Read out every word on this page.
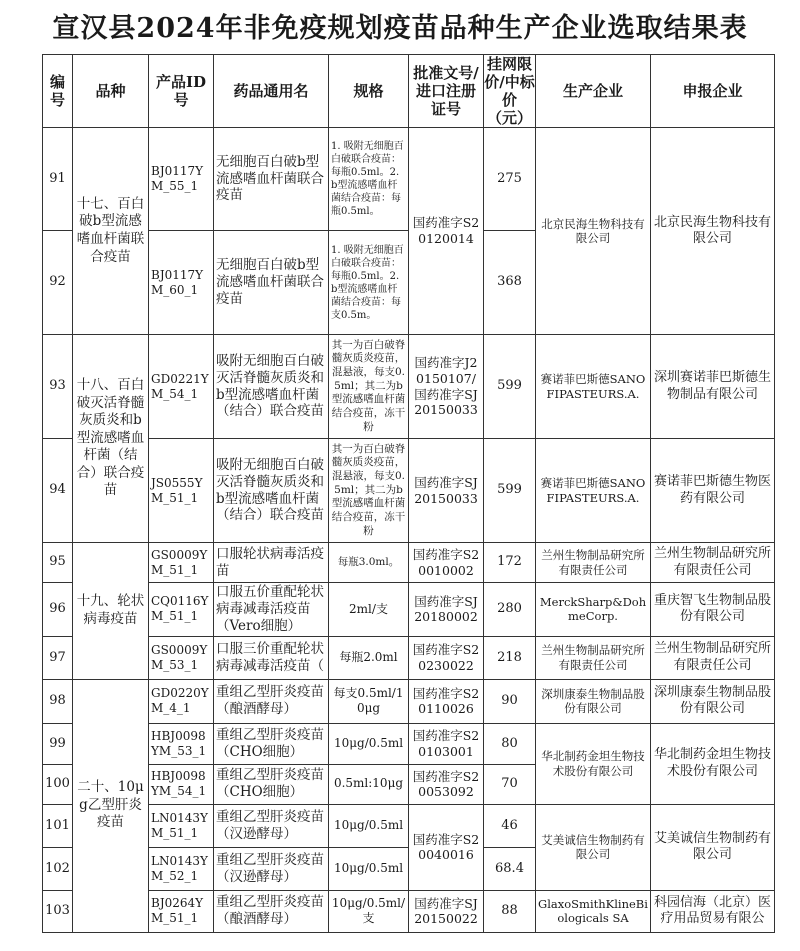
宣汉县2024年非免疫规划疫苗品种生产企业选取结果表
编号	品种	产品ID号	药品通用名	规格	批准文号/进口注册证号	挂网限价/中标价（元）	生产企业	申报企业
91	十七、百白破b型流感嗜血杆菌联合疫苗	BJ0117YM_55_1	无细胞百白破b型流感嗜血杆菌联合疫苗	1. 吸附无细胞百白破联合疫苗：每瓶0.5ml。2. b型流感嗜血杆菌结合疫苗：每瓶0.5ml。	国药准字S20120014	275	北京民海生物科技有限公司	北京民海生物科技有限公司
92		BJ0117YM_60_1	无细胞百白破b型流感嗜血杆菌联合疫苗	1. 吸附无细胞百白破联合疫苗：每瓶0.5ml。2. b型流感嗜血杆菌结合疫苗：每支0.5m。		368		
93	十八、百白破灭活脊髓灰质炎和b型流感嗜血杆菌（结合）联合疫苗	GD0221YM_54_1	吸附无细胞百白破灭活脊髓灰质炎和b型流感嗜血杆菌（结合）联合疫苗	其一为百白破脊髓灰质炎疫苗，混悬液，每支0.5ml；其二为b型流感嗜血杆菌结合疫苗，冻干粉	国药准字J20150107/国药准字SJ20150033	599	赛诺菲巴斯德SANOFIPASTEURS.A.	深圳赛诺菲巴斯德生物制品有限公司
94		JS0555YM_51_1	吸附无细胞百白破灭活脊髓灰质炎和b型流感嗜血杆菌（结合）联合疫苗	其一为百白破脊髓灰质炎疫苗，混悬液，每支0.5ml；其二为b型流感嗜血杆菌结合疫苗，冻干粉	国药准字SJ20150033	599	赛诺菲巴斯德SANOFIPASTEURS.A.	赛诺菲巴斯德生物医药有限公司
95	十九、轮状病毒疫苗	GS0009YM_51_1	口服轮状病毒活疫苗	每瓶3.0ml。	国药准字S20010002	172	兰州生物制品研究所有限责任公司	兰州生物制品研究所有限责任公司
96		CQ0116YM_51_1	口服五价重配轮状病毒减毒活疫苗（Vero细胞）	2ml/支	国药准字SJ20180002	280	MerckSharp&DohmeCorp.	重庆智飞生物制品股份有限公司
97		GS0009YM_53_1	口服三价重配轮状病毒减毒活疫苗（	每瓶2.0ml	国药准字S20230022	218	兰州生物制品研究所有限责任公司	兰州生物制品研究所有限责任公司
98	二十、10μg乙型肝炎疫苗	GD0220YM_4_1	重组乙型肝炎疫苗（酿酒酵母）	每支0.5ml/10μg	国药准字S20110026	90	深圳康泰生物制品股份有限公司	深圳康泰生物制品股份有限公司
99		HBJ0098YM_53_1	重组乙型肝炎疫苗（CHO细胞）	10μg/0.5ml	国药准字S20103001	80	华北制药金坦生物技术股份有限公司	华北制药金坦生物技术股份有限公司
100		HBJ0098YM_54_1	重组乙型肝炎疫苗（CHO细胞）	0.5ml:10μg	国药准字S20053092	70		
101		LN0143YM_51_1	重组乙型肝炎疫苗（汉逊酵母）	10μg/0.5ml	国药准字S20040016	46	艾美诚信生物制药有限公司	艾美诚信生物制药有限公司
102		LN0143YM_52_1	重组乙型肝炎疫苗（汉逊酵母）	10μg/0.5ml		68.4		
103		BJ0264YM_51_1	重组乙型肝炎疫苗（酿酒酵母）	10μg/0.5ml/支	国药准字SJ20150022	88	GlaxoSmithKlineBiologicals SA	科园信海（北京）医疗用品贸易有限公
